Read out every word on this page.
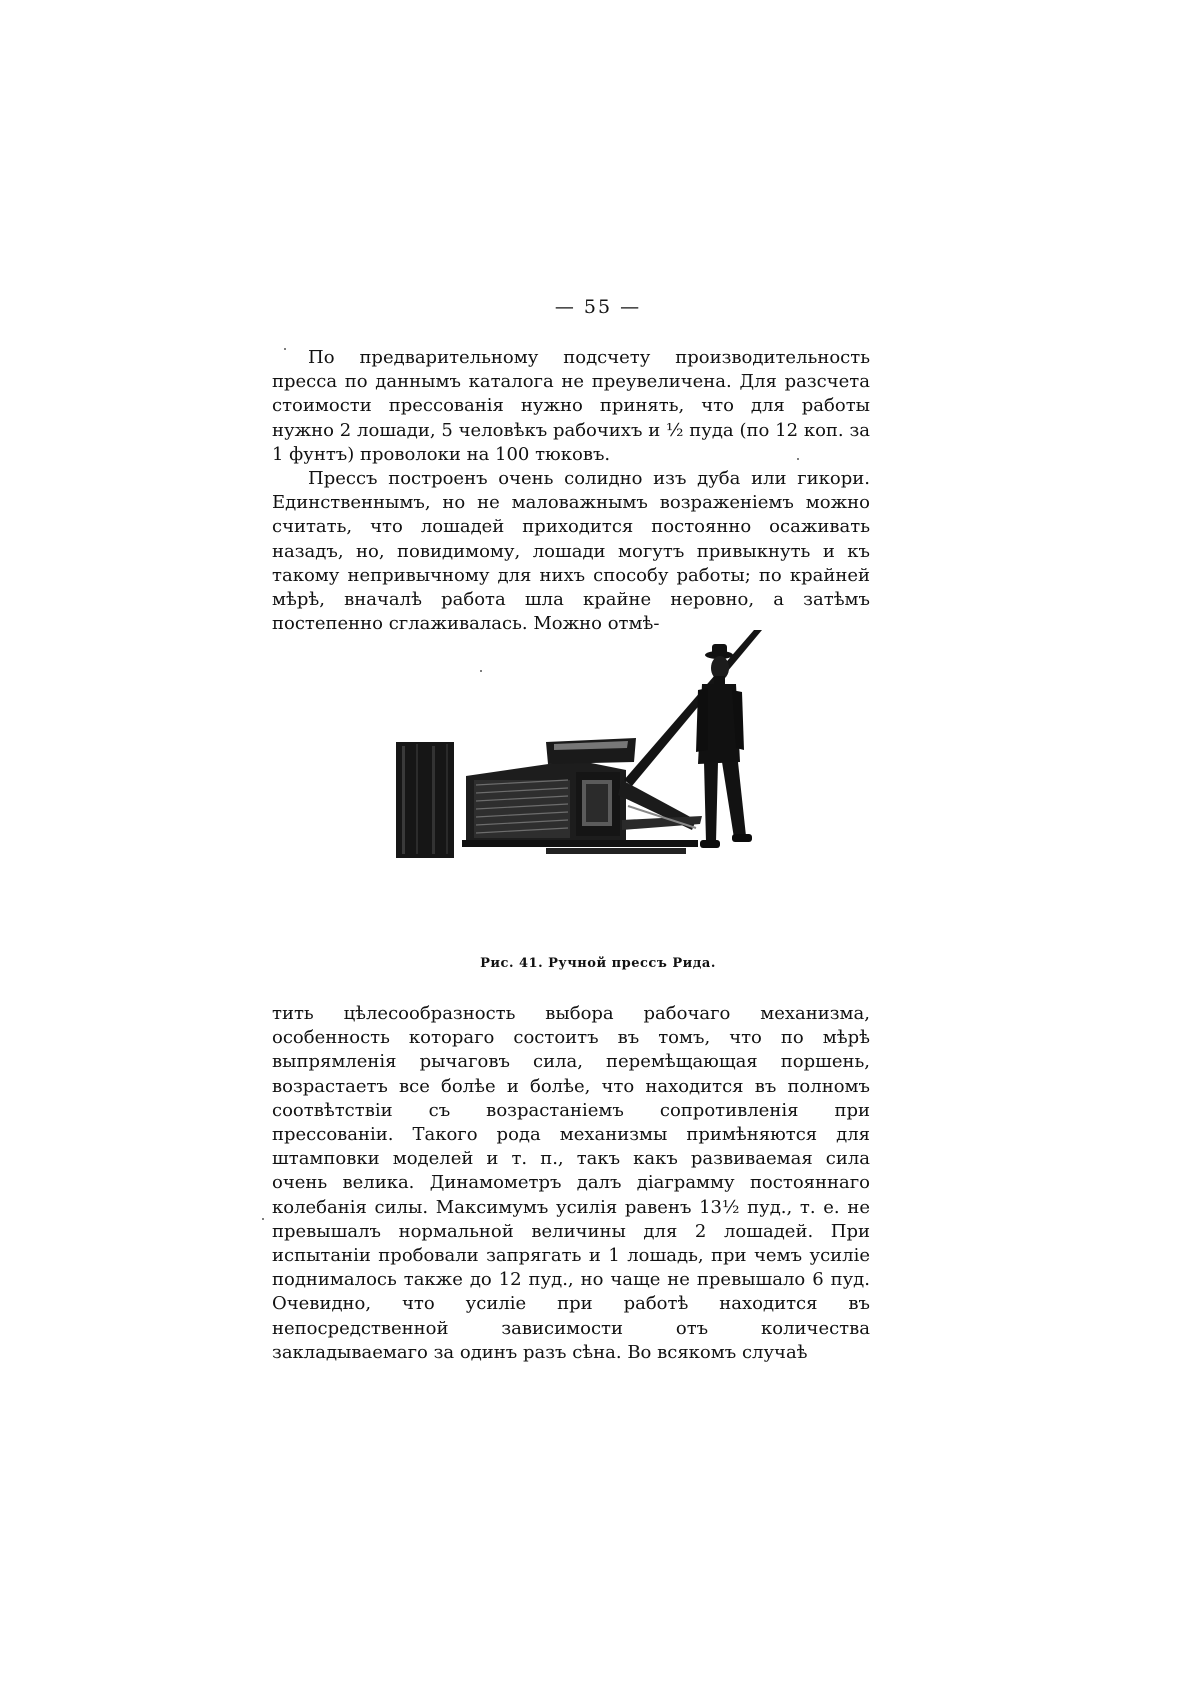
— 55 —

По предварительному подсчету производительность пресса по даннымъ каталога не преувеличена. Для разсчета стоимости прессованія нужно принять, что для работы нужно 2 лошади, 5 человѣкъ рабочихъ и ½ пуда (по 12 коп. за 1 фунтъ) проволоки на 100 тюковъ.

Прессъ построенъ очень солидно изъ дуба или гикори. Единственнымъ, но не маловажнымъ возраженіемъ можно считать, что лошадей приходится постоянно осаживать назадъ, но, повидимому, лошади могутъ привыкнуть и къ такому непривычному для нихъ способу работы; по крайней мѣрѣ, вначалѣ работа шла крайне неровно, а затѣмъ постепенно сглаживалась. Можно отмѣ-

Рис. 41. Ручной прессъ Рида.

тить цѣлесообразность выбора рабочаго механизма, особенность котораго состоитъ въ томъ, что по мѣрѣ выпрямленія рычаговъ сила, перемѣщающая поршень, возрастаетъ все болѣе и болѣе, что находится въ полномъ соотвѣтствіи съ возрастаніемъ сопротивленія при прессованіи. Такого рода механизмы примѣняются для штамповки моделей и т. п., такъ какъ развиваемая сила очень велика. Динамометръ далъ діаграмму постояннаго колебанія силы. Максимумъ усилія равенъ 13½ пуд., т. е. не превышалъ нормальной величины для 2 лошадей. При испытаніи пробовали запрягать и 1 лошадь, при чемъ усиліе поднималось также до 12 пуд., но чаще не превышало 6 пуд. Очевидно, что усиліе при работѣ находится въ непосредственной зависимости отъ количества закладываемаго за одинъ разъ сѣна. Во всякомъ случаѣ
